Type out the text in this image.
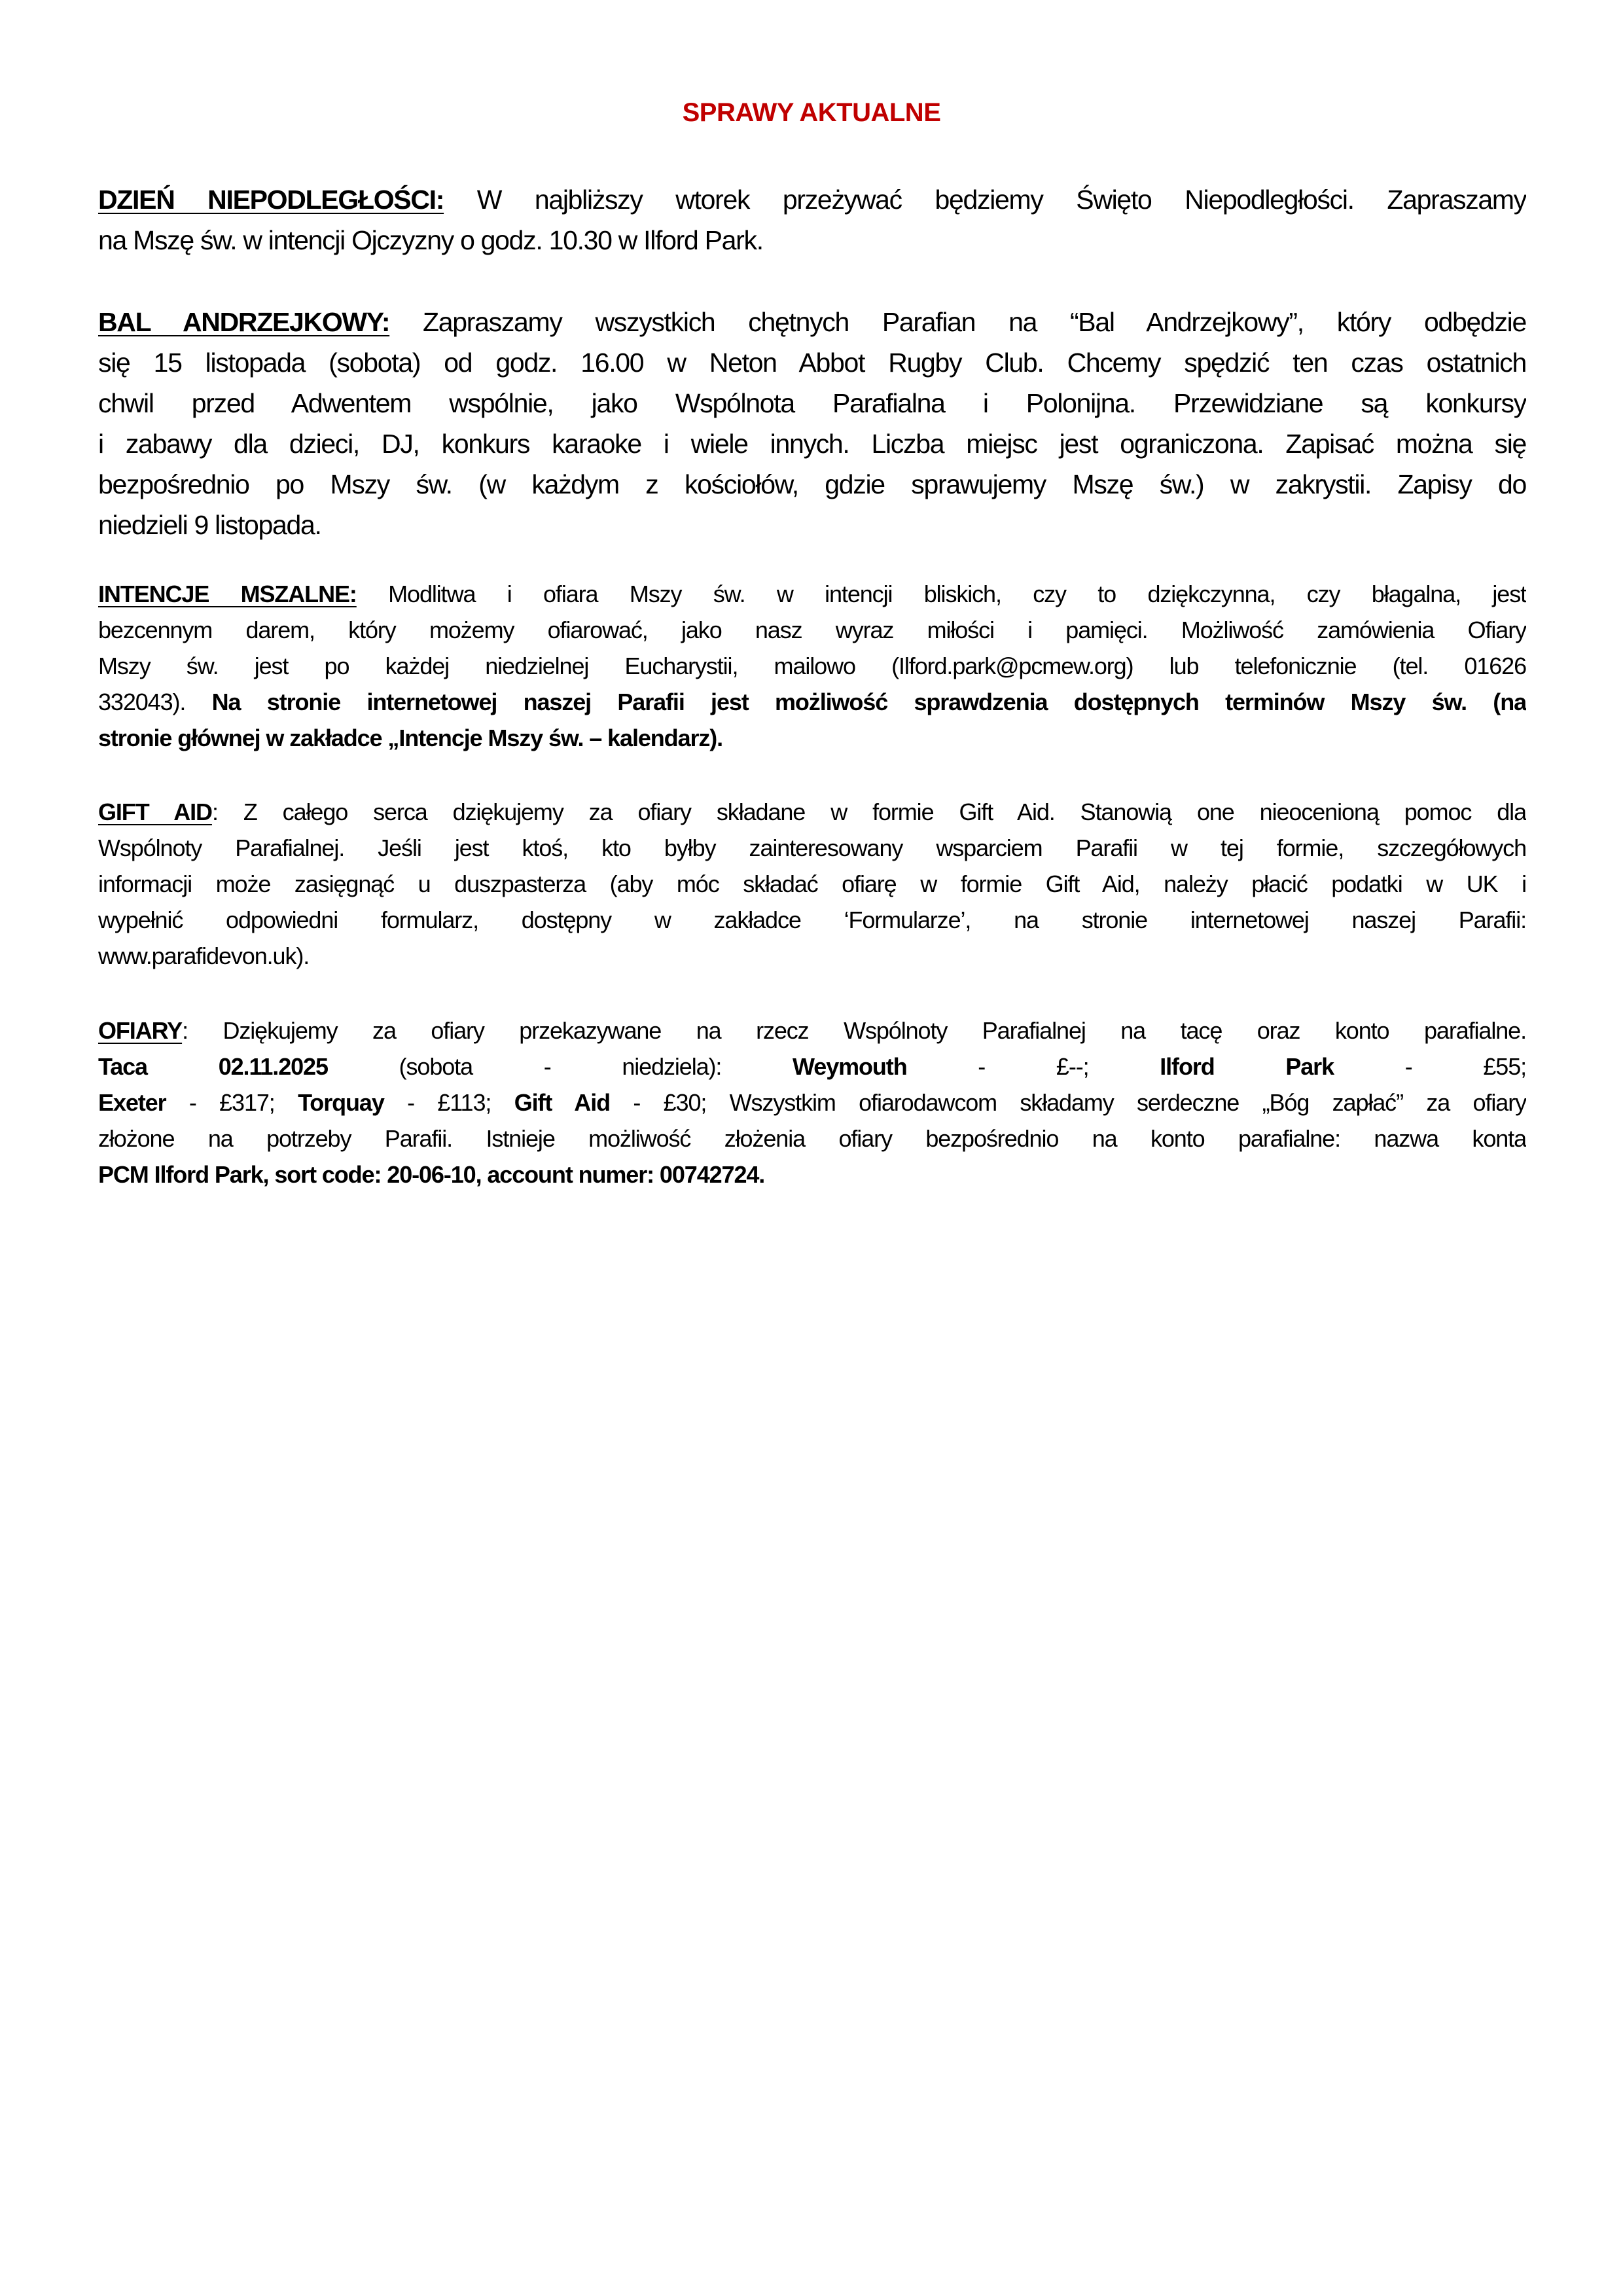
SPRAWY AKTUALNE
DZIEŃ NIEPODLEGŁOŚCI: W najbliższy wtorek przeżywać będziemy Święto Niepodległości. Zapraszamy
na Mszę św. w intencji Ojczyzny o godz. 10.30 w Ilford Park.
BAL ANDRZEJKOWY: Zapraszamy wszystkich chętnych Parafian na “Bal Andrzejkowy”, który odbędzie
się 15 listopada (sobota) od godz. 16.00 w Neton Abbot Rugby Club. Chcemy spędzić ten czas ostatnich
chwil przed Adwentem wspólnie, jako Wspólnota Parafialna i Polonijna. Przewidziane są konkursy
i zabawy dla dzieci, DJ, konkurs karaoke i wiele innych. Liczba miejsc jest ograniczona. Zapisać można się
bezpośrednio po Mszy św. (w każdym z kościołów, gdzie sprawujemy Mszę św.) w zakrystii. Zapisy do
niedzieli 9 listopada.
INTENCJE MSZALNE: Modlitwa i ofiara Mszy św. w intencji bliskich, czy to dziękczynna, czy błagalna, jest
bezcennym darem, który możemy ofiarować, jako nasz wyraz miłości i pamięci. Możliwość zamówienia Ofiary
Mszy św. jest po każdej niedzielnej Eucharystii, mailowo (Ilford.park@pcmew.org) lub telefonicznie (tel. 01626
332043). Na stronie internetowej naszej Parafii jest możliwość sprawdzenia dostępnych terminów Mszy św. (na
stronie głównej w zakładce „Intencje Mszy św. – kalendarz).
GIFT AID: Z całego serca dziękujemy za ofiary składane w formie Gift Aid. Stanowią one nieocenioną pomoc dla
Wspólnoty Parafialnej. Jeśli jest ktoś, kto byłby zainteresowany wsparciem Parafii w tej formie, szczegółowych
informacji może zasięgnąć u duszpasterza (aby móc składać ofiarę w formie Gift Aid, należy płacić podatki w UK i
wypełnić odpowiedni formularz, dostępny w zakładce ‘Formularze’, na stronie internetowej naszej Parafii:
www.parafidevon.uk).
OFIARY: Dziękujemy za ofiary przekazywane na rzecz Wspólnoty Parafialnej na tacę oraz konto parafialne.
Taca 02.11.2025 (sobota - niedziela): Weymouth - £--; Ilford Park - £55;
Exeter - £317; Torquay - £113; Gift Aid - £30; Wszystkim ofiarodawcom składamy serdeczne „Bóg zapłać” za ofiary
złożone na potrzeby Parafii. Istnieje możliwość złożenia ofiary bezpośrednio na konto parafialne: nazwa konta
PCM Ilford Park, sort code: 20-06-10, account numer: 00742724.
